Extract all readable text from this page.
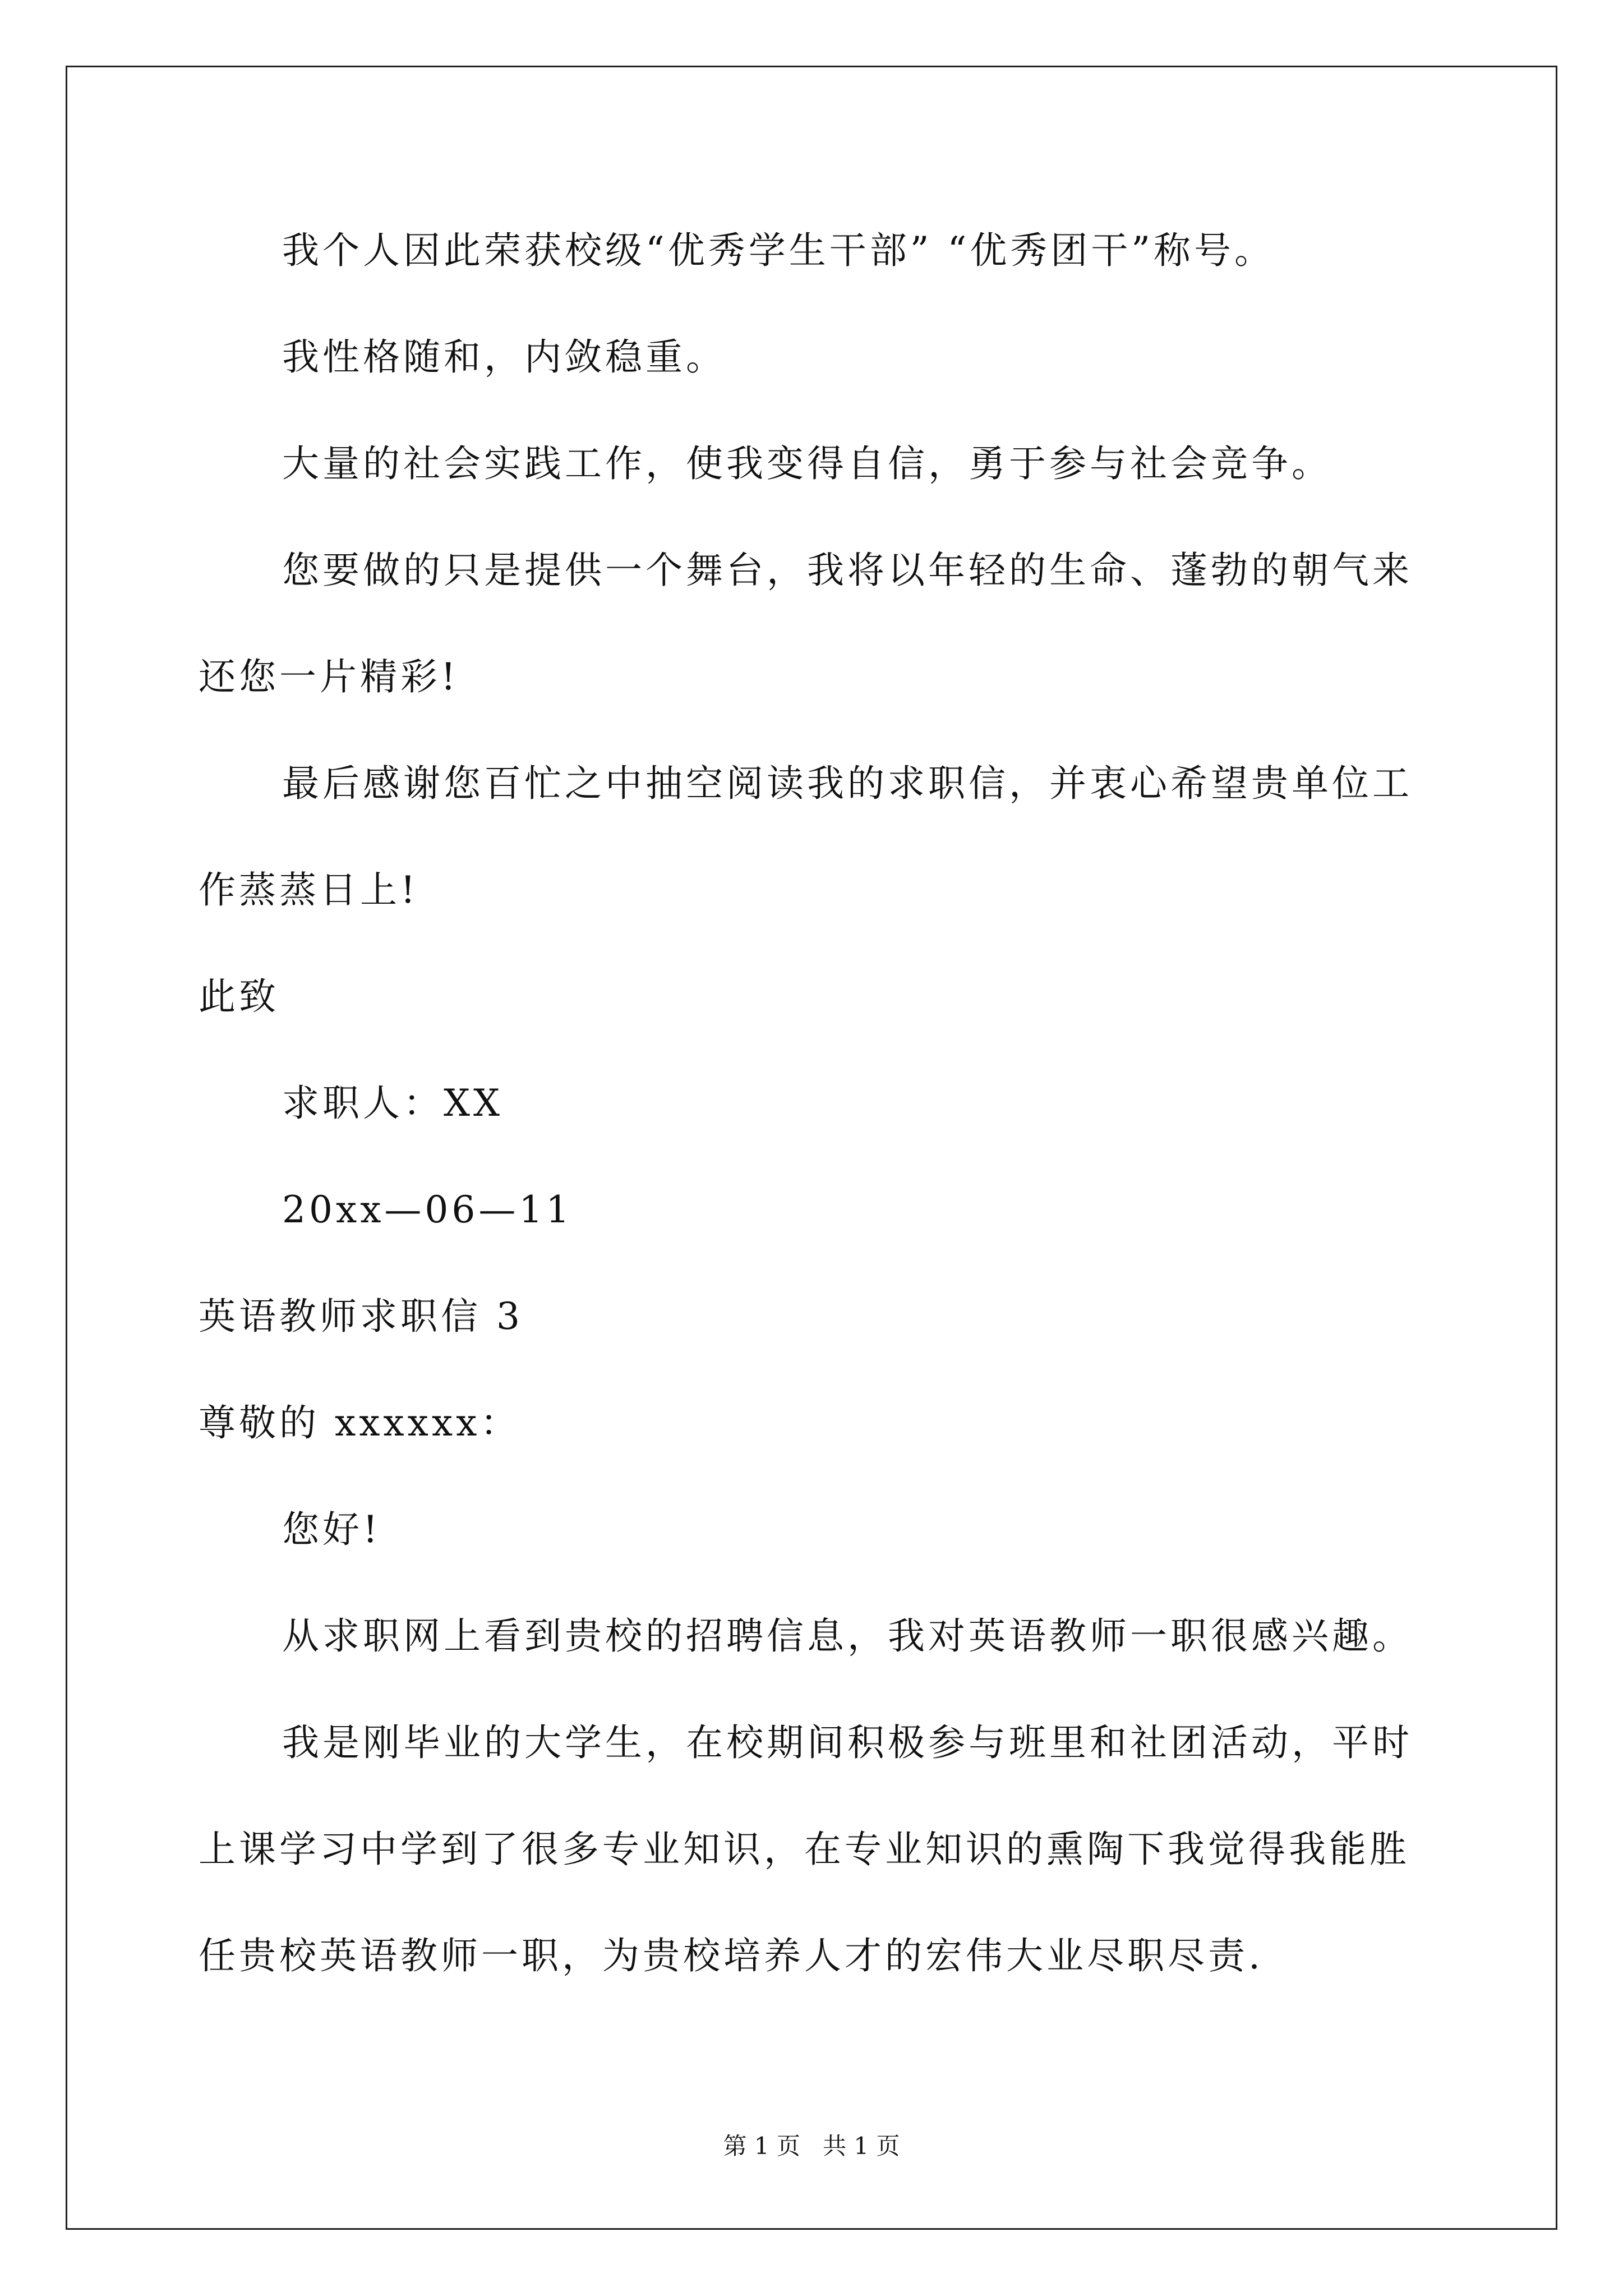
我个人因此荣获校级“优秀学生干部” “优秀团干”称号。
我性格随和，内敛稳重。
大量的社会实践工作，使我变得自信，勇于参与社会竞争。
您要做的只是提供一个舞台，我将以年轻的生命、蓬勃的朝气来
还您一片精彩!
最后感谢您百忙之中抽空阅读我的求职信，并衷心希望贵单位工
作蒸蒸日上!
此致
求职人：XX
20xx—06—11
英语教师求职信 3
尊敬的 xxxxxx：
您好!
从求职网上看到贵校的招聘信息，我对英语教师一职很感兴趣。
我是刚毕业的大学生，在校期间积极参与班里和社团活动，平时
上课学习中学到了很多专业知识，在专业知识的熏陶下我觉得我能胜
任贵校英语教师一职，为贵校培养人才的宏伟大业尽职尽责.
第 1 页   共 1 页
